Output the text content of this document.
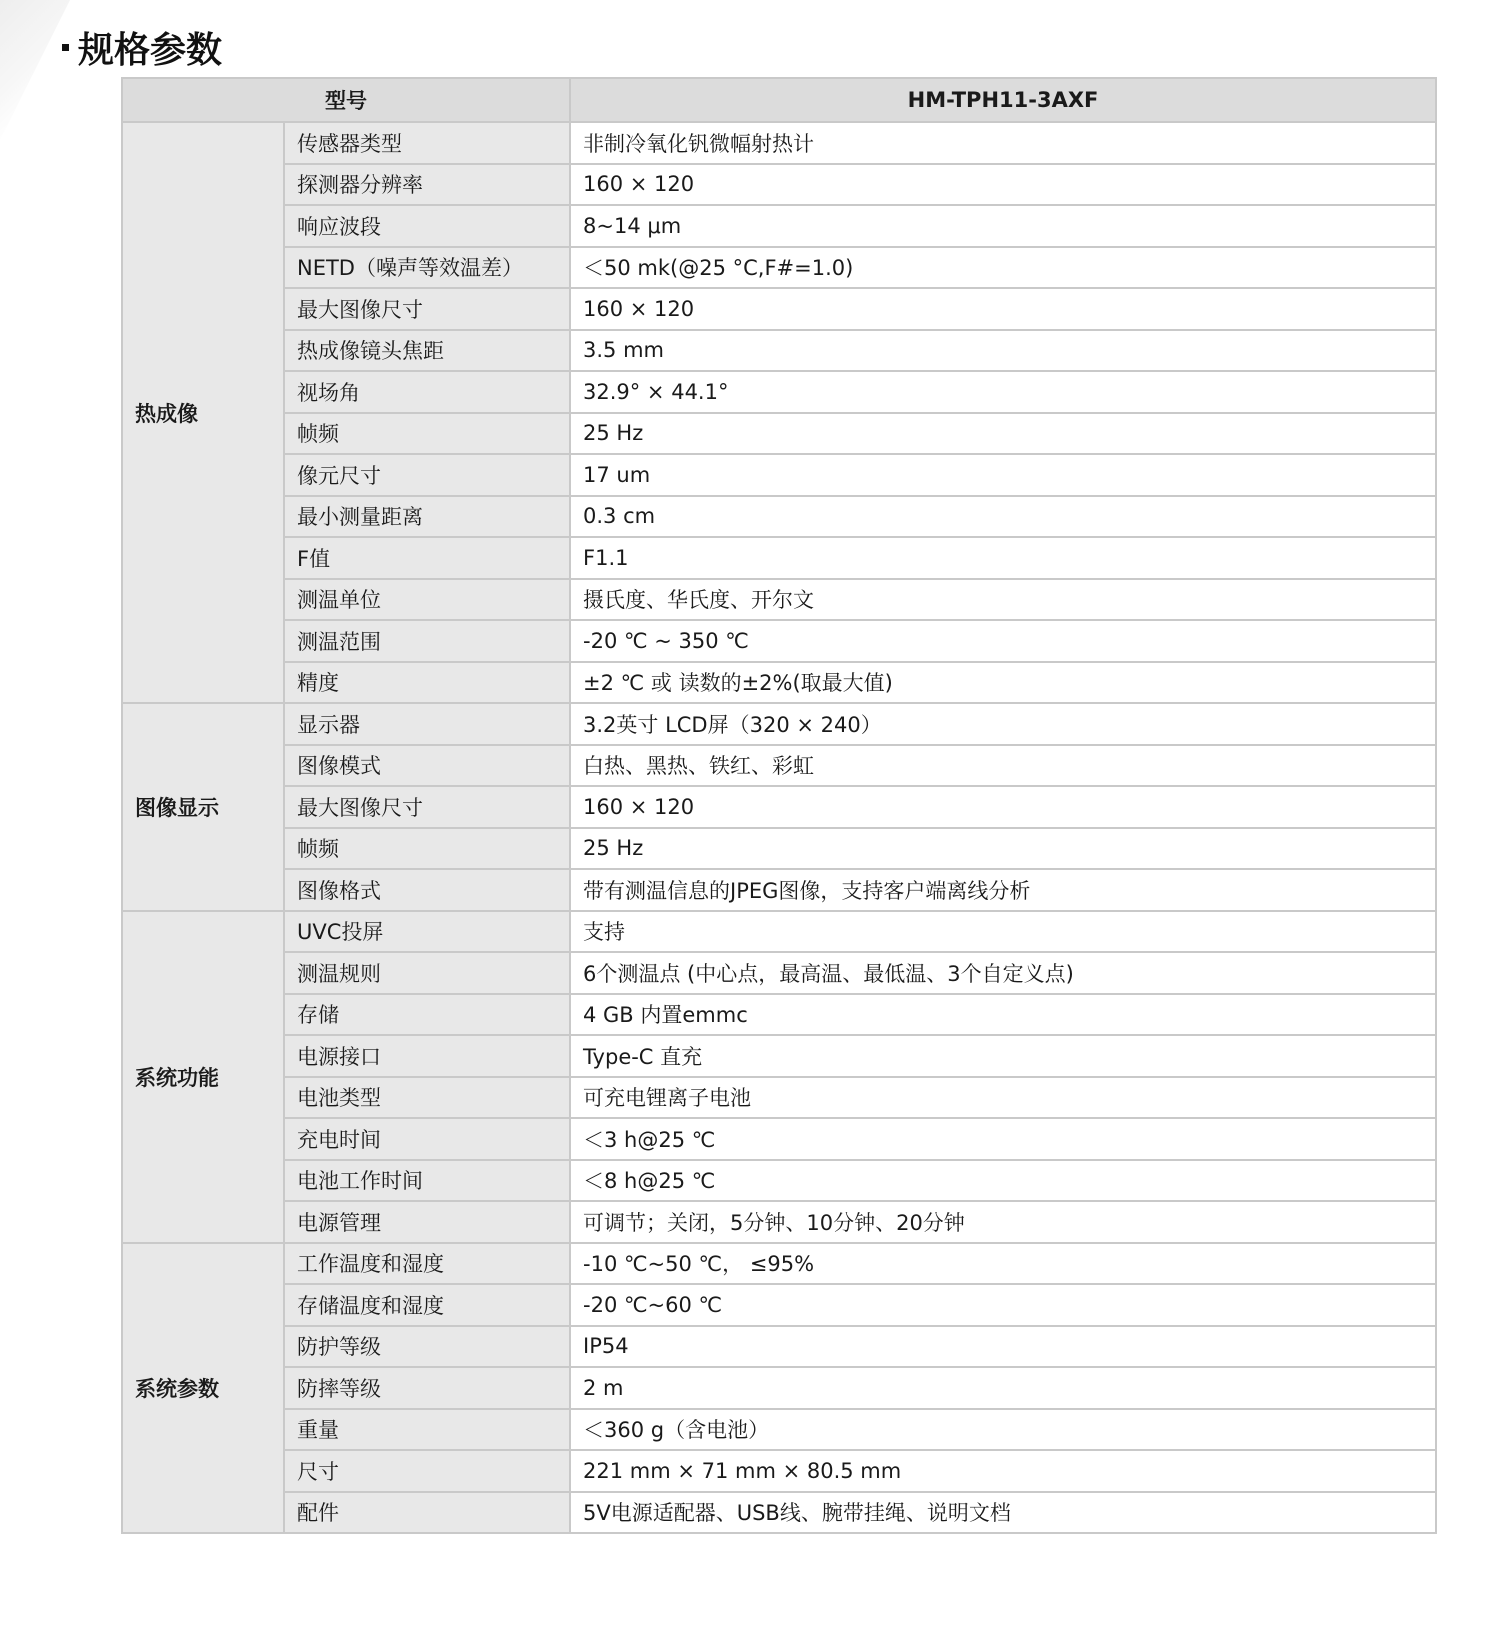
规格参数
型号		HM-TPH11-3AXF
热成像	传感器类型	非制冷氧化钒微幅射热计
	探测器分辨率	160 × 120
	响应波段	8~14 μm
	NETD（噪声等效温差）	＜50 mk(@25 °C,F#=1.0)
	最大图像尺寸	160 × 120
	热成像镜头焦距	3.5 mm
	视场角	32.9° × 44.1°
	帧频	25 Hz
	像元尺寸	17 um
	最小测量距离	0.3 cm
	F值	F1.1
	测温单位	摄氏度、华氏度、开尔文
	测温范围	-20 ℃ ~ 350 ℃
	精度	±2 ℃ 或 读数的±2%(取最大值)
图像显示	显示器	3.2英寸 LCD屏（320 × 240）
	图像模式	白热、黑热、铁红、彩虹
	最大图像尺寸	160 × 120
	帧频	25 Hz
	图像格式	带有测温信息的JPEG图像，支持客户端离线分析
系统功能	UVC投屏	支持
	测温规则	6个测温点 (中心点，最高温、最低温、3个自定义点)
	存储	4 GB 内置emmc
	电源接口	Type-C 直充
	电池类型	可充电锂离子电池
	充电时间	＜3 h@25 ℃
	电池工作时间	＜8 h@25 ℃
	电源管理	可调节；关闭，5分钟、10分钟、20分钟
系统参数	工作温度和湿度	-10 ℃~50 ℃， ≤95%
	存储温度和湿度	-20 ℃~60 ℃
	防护等级	IP54
	防摔等级	2 m
	重量	＜360 g（含电池）
	尺寸	221 mm × 71 mm × 80.5 mm
	配件	5V电源适配器、USB线、腕带挂绳、说明文档
